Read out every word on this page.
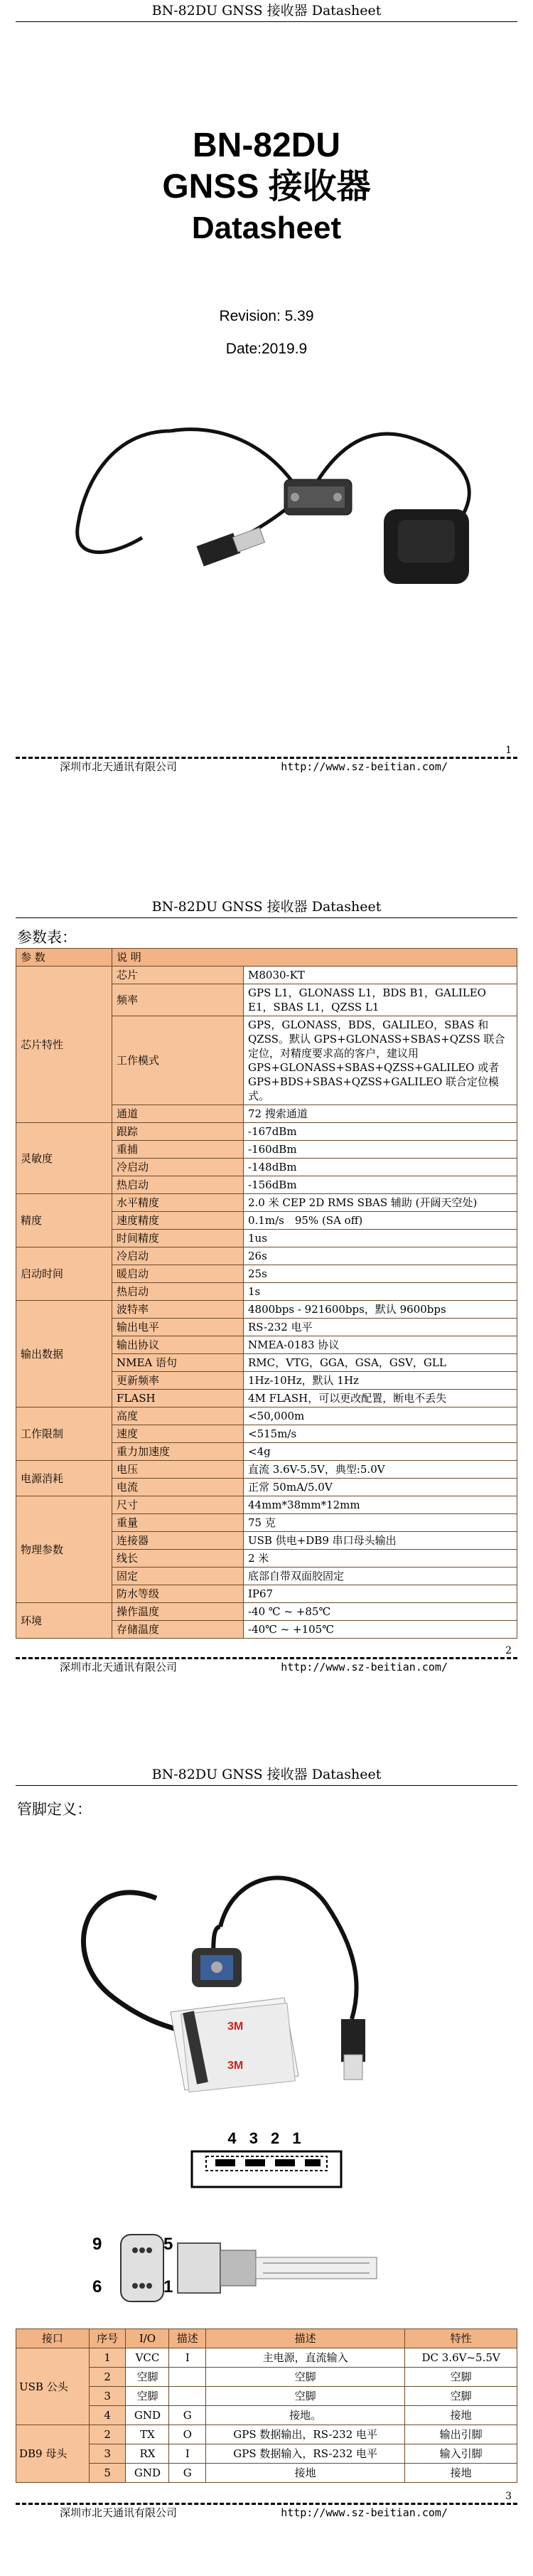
BN-82DU GNSS 接收器 Datasheet
BN-82DU
GNSS 接收器
Datasheet
Revision: 5.39
Date:2019.9
1
深圳市北天通讯有限公司	http://www.sz-beitian.com/
BN-82DU GNSS 接收器 Datasheet
参数表：
参 数	说 明	
芯片特性	芯片	M8030-KT
	频率	GPS L1，GLONASS L1，BDS B1，GALILEO E1，SBAS L1，QZSS L1
	工作模式	GPS，GLONASS，BDS，GALILEO，SBAS 和 QZSS。默认 GPS+GLONASS+SBAS+QZSS 联合定位，对精度要求高的客户，建议用 GPS+GLONASS+SBAS+QZSS+GALILEO 或者 GPS+BDS+SBAS+QZSS+GALILEO 联合定位模式。
	通道	72 搜索通道
灵敏度	跟踪	-167dBm
	重捕	-160dBm
	冷启动	-148dBm
	热启动	-156dBm
精度	水平精度	2.0 米 CEP 2D RMS SBAS 辅助 (开阔天空处)
	速度精度	0.1m/s　95% (SA off)
	时间精度	1us
启动时间	冷启动	26s
	暖启动	25s
	热启动	1s
输出数据	波特率	4800bps - 921600bps，默认 9600bps
	输出电平	RS-232 电平
	输出协议	NMEA-0183 协议
	NMEA 语句	RMC，VTG，GGA，GSA，GSV，GLL
	更新频率	1Hz-10Hz，默认 1Hz
	FLASH	4M FLASH，可以更改配置，断电不丢失
工作限制	高度	<50,000m
	速度	<515m/s
	重力加速度	<4g
电源消耗	电压	直流 3.6V-5.5V，典型:5.0V
	电流	正常 50mA/5.0V
物理参数	尺寸	44mm*38mm*12mm
	重量	75 克
	连接器	USB 供电+DB9 串口母头输出
	线长	2 米
	固定	底部自带双面胶固定
	防水等级	IP67
环境	操作温度	-40 ℃ ~ +85℃
	存储温度	-40℃ ~ +105℃
2
深圳市北天通讯有限公司	http://www.sz-beitian.com/
BN-82DU GNSS 接收器 Datasheet
管脚定义：
3M
3M
4 3 2 1
9	5
6	1
接口	序号	I/O	描述	描述	特性
USB 公头	1	VCC	I	主电源，直流输入	DC 3.6V~5.5V
	2	空脚		空脚	空脚
	3	空脚		空脚	空脚
	4	GND	G	接地。	接地
DB9 母头	2	TX	O	GPS 数据输出，RS-232 电平	输出引脚
	3	RX	I	GPS 数据输入，RS-232 电平	输入引脚
	5	GND	G	接地	接地
3
深圳市北天通讯有限公司	http://www.sz-beitian.com/
